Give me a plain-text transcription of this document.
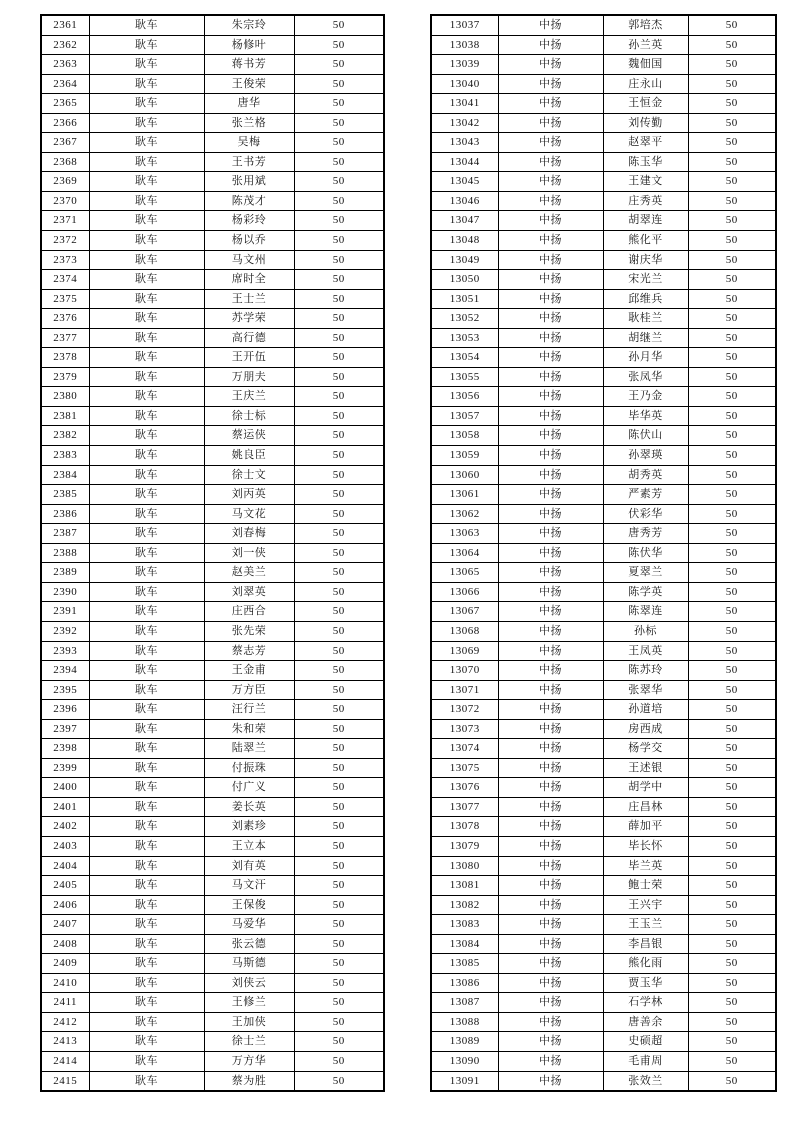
2361	耿车	朱宗玲	50
2362	耿车	杨修叶	50
2363	耿车	蒋书芳	50
2364	耿车	王俊荣	50
2365	耿车	唐华	50
2366	耿车	张兰格	50
2367	耿车	吴梅	50
2368	耿车	王书芳	50
2369	耿车	张用斌	50
2370	耿车	陈茂才	50
2371	耿车	杨彩玲	50
2372	耿车	杨以乔	50
2373	耿车	马文州	50
2374	耿车	席时全	50
2375	耿车	王士兰	50
2376	耿车	苏学荣	50
2377	耿车	高行德	50
2378	耿车	王开伍	50
2379	耿车	万朋夫	50
2380	耿车	王庆兰	50
2381	耿车	徐士标	50
2382	耿车	蔡运侠	50
2383	耿车	姚良臣	50
2384	耿车	徐士文	50
2385	耿车	刘丙英	50
2386	耿车	马文花	50
2387	耿车	刘春梅	50
2388	耿车	刘一侠	50
2389	耿车	赵美兰	50
2390	耿车	刘翠英	50
2391	耿车	庄西合	50
2392	耿车	张先荣	50
2393	耿车	蔡志芳	50
2394	耿车	王金甫	50
2395	耿车	万方臣	50
2396	耿车	汪行兰	50
2397	耿车	朱和荣	50
2398	耿车	陆翠兰	50
2399	耿车	付振珠	50
2400	耿车	付广义	50
2401	耿车	姜长英	50
2402	耿车	刘素珍	50
2403	耿车	王立本	50
2404	耿车	刘有英	50
2405	耿车	马文汗	50
2406	耿车	王保俊	50
2407	耿车	马爱华	50
2408	耿车	张云德	50
2409	耿车	马斯德	50
2410	耿车	刘侠云	50
2411	耿车	王修兰	50
2412	耿车	王加侠	50
2413	耿车	徐士兰	50
2414	耿车	万方华	50
2415	耿车	蔡为胜	50
13037	中扬	郭培杰	50
13038	中扬	孙兰英	50
13039	中扬	魏佃国	50
13040	中扬	庄永山	50
13041	中扬	王恒金	50
13042	中扬	刘传勤	50
13043	中扬	赵翠平	50
13044	中扬	陈玉华	50
13045	中扬	王建文	50
13046	中扬	庄秀英	50
13047	中扬	胡翠连	50
13048	中扬	熊化平	50
13049	中扬	谢庆华	50
13050	中扬	宋光兰	50
13051	中扬	邱维兵	50
13052	中扬	耿桂兰	50
13053	中扬	胡继兰	50
13054	中扬	孙月华	50
13055	中扬	张凤华	50
13056	中扬	王乃金	50
13057	中扬	毕华英	50
13058	中扬	陈伏山	50
13059	中扬	孙翠瑛	50
13060	中扬	胡秀英	50
13061	中扬	严素芳	50
13062	中扬	伏彩华	50
13063	中扬	唐秀芳	50
13064	中扬	陈伏华	50
13065	中扬	夏翠兰	50
13066	中扬	陈学英	50
13067	中扬	陈翠连	50
13068	中扬	孙标	50
13069	中扬	王凤英	50
13070	中扬	陈苏玲	50
13071	中扬	张翠华	50
13072	中扬	孙道培	50
13073	中扬	房西成	50
13074	中扬	杨学交	50
13075	中扬	王述银	50
13076	中扬	胡学中	50
13077	中扬	庄昌林	50
13078	中扬	薛加平	50
13079	中扬	毕长怀	50
13080	中扬	毕兰英	50
13081	中扬	鲍士荣	50
13082	中扬	王兴宇	50
13083	中扬	王玉兰	50
13084	中扬	李昌银	50
13085	中扬	熊化雨	50
13086	中扬	贾玉华	50
13087	中扬	石学林	50
13088	中扬	唐善余	50
13089	中扬	史硕超	50
13090	中扬	毛甫周	50
13091	中扬	张效兰	50
